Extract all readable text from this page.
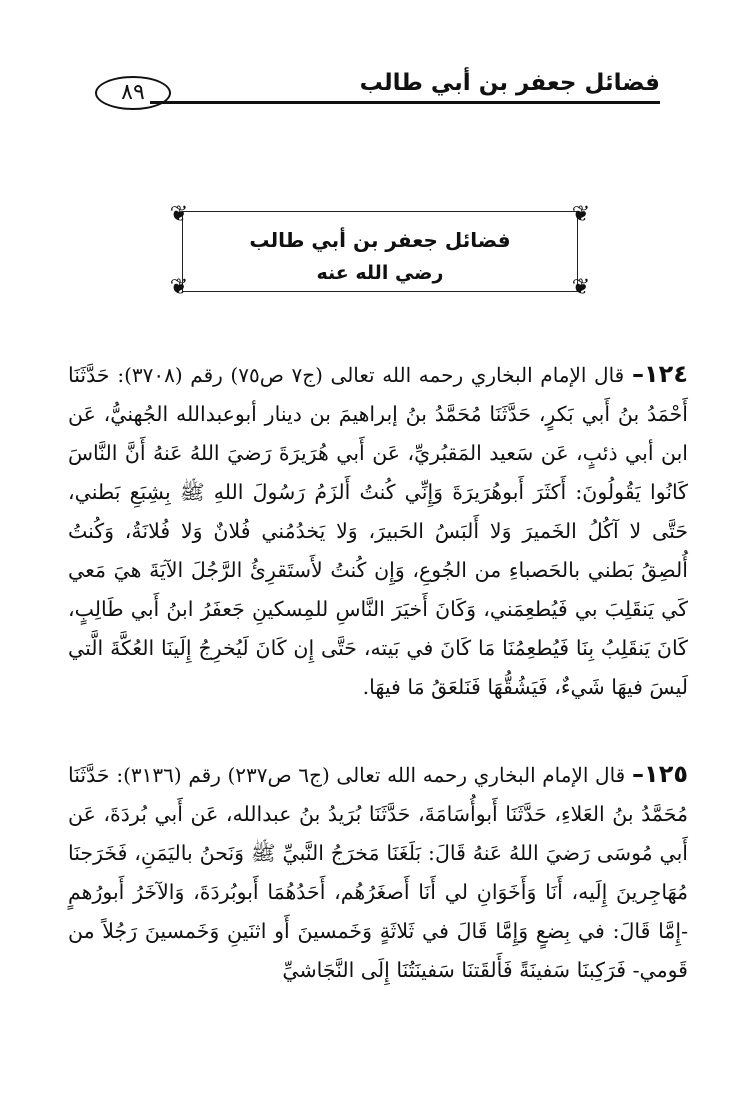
٨٩	فضائل جعفر بن أبي طالب
❦	❦
❦	❦
فضائل جعفر بن أبي طالب
رضي الله عنه

١٢٤– قال الإمام البخاري رحمه الله تعالى (ج٧ ص٧٥) رقم (٣٧٠٨): حَدَّثَنَا أَحْمَدُ بنُ أَبي بَكرٍ، حَدَّثَنَا مُحَمَّدُ بنُ إبراهيمَ بن دينار أبوعبدالله الجُهنيُّ، عَن ابن أبي ذئبٍ، عَن سَعيد المَقبُريِّ، عَن أَبي هُرَيرَةَ رَضيَ اللهُ عَنهُ أَنَّ النَّاسَ كَانُوا يَقُولُونَ: أَكثَرَ أَبوهُرَيرَةَ وَإِنِّي كُنتُ أَلزَمُ رَسُولَ اللهِ ﷺ بِشِبَعِ بَطني، حَتَّى لا آكُلُ الخَميرَ وَلا أَلبَسُ الحَبيرَ، وَلا يَخدُمُني فُلانٌ وَلا فُلانَةُ، وَكُنتُ أُلصِقُ بَطني بالحَصباءِ من الجُوعِ، وَإِن كُنتُ لأَستَقرِئُ الرَّجُلَ الآيَةَ هيَ مَعي كَي يَنقَلِبَ بي فَيُطعِمَني، وَكَانَ أَخيَرَ النَّاسِ للمِسكينِ جَعفَرُ ابنُ أَبي طَالِبٍ، كَانَ يَنقَلِبُ بِنَا فَيُطعِمُنَا مَا كَانَ في بَيته، حَتَّى إِن كَانَ لَيُخرِجُ إِلَينَا العُكَّةَ الَّتي لَيسَ فيهَا شَيءٌ، فَيَشُقُّهَا فَنَلعَقُ مَا فيهَا.

١٢٥– قال الإمام البخاري رحمه الله تعالى (ج٦ ص٢٣٧) رقم (٣١٣٦): حَدَّثَنَا مُحَمَّدُ بنُ العَلاءِ، حَدَّثَنَا أَبوأُسَامَةَ، حَدَّثَنَا بُرَيدُ بنُ عبدالله، عَن أَبي بُردَةَ، عَن أَبي مُوسَى رَضيَ اللهُ عَنهُ قَالَ: بَلَغَنَا مَخرَجُ النَّبيِّ ﷺ وَنَحنُ باليَمَنِ، فَخَرَجنَا مُهَاجِرينَ إِلَيه، أَنَا وَأَخَوَانِ لي أَنَا أَصغَرُهُم، أَحَدُهُمَا أَبوبُردَةَ، وَالآخَرُ أَبورُهمٍ -إِمَّا قَالَ: في بِضعٍ وَإِمَّا قَالَ في ثَلاثَةٍ وَخَمسينَ أَو اثنَينِ وَخَمسينَ رَجُلاً من قَومي- فَرَكِبنَا سَفينَةً فَأَلقَتنَا سَفينَتُنَا إِلَى النَّجَاشيِّ
